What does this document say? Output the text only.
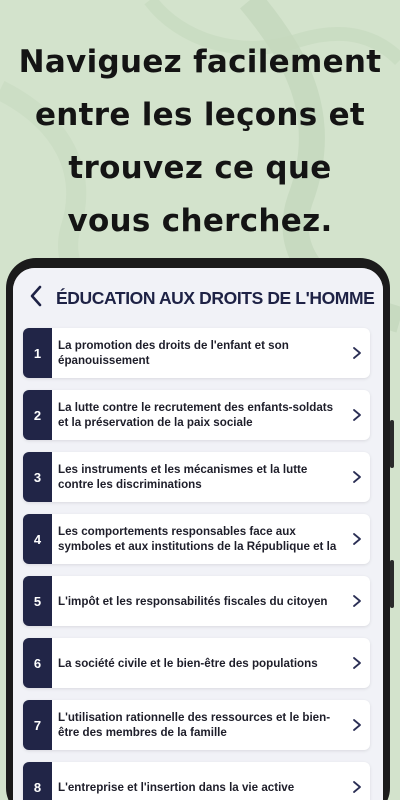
Naviguez facilement
entre les leçons et
trouvez ce que
vous cherchez.
ÉDUCATION AUX DROITS DE L'HOMME
1	La promotion des droits de l'enfant et son épanouissement
2	La lutte contre le recrutement des enfants-soldats et la préservation de la paix sociale
3	Les instruments et les mécanismes et la lutte contre les discriminations
4	Les comportements responsables face aux symboles et aux institutions de la République et la
5	L'impôt et les responsabilités fiscales du citoyen
6	La société civile et le bien-être des populations
7	L'utilisation rationnelle des ressources et le bien-être des membres de la famille
8	L'entreprise et l'insertion dans la vie active
